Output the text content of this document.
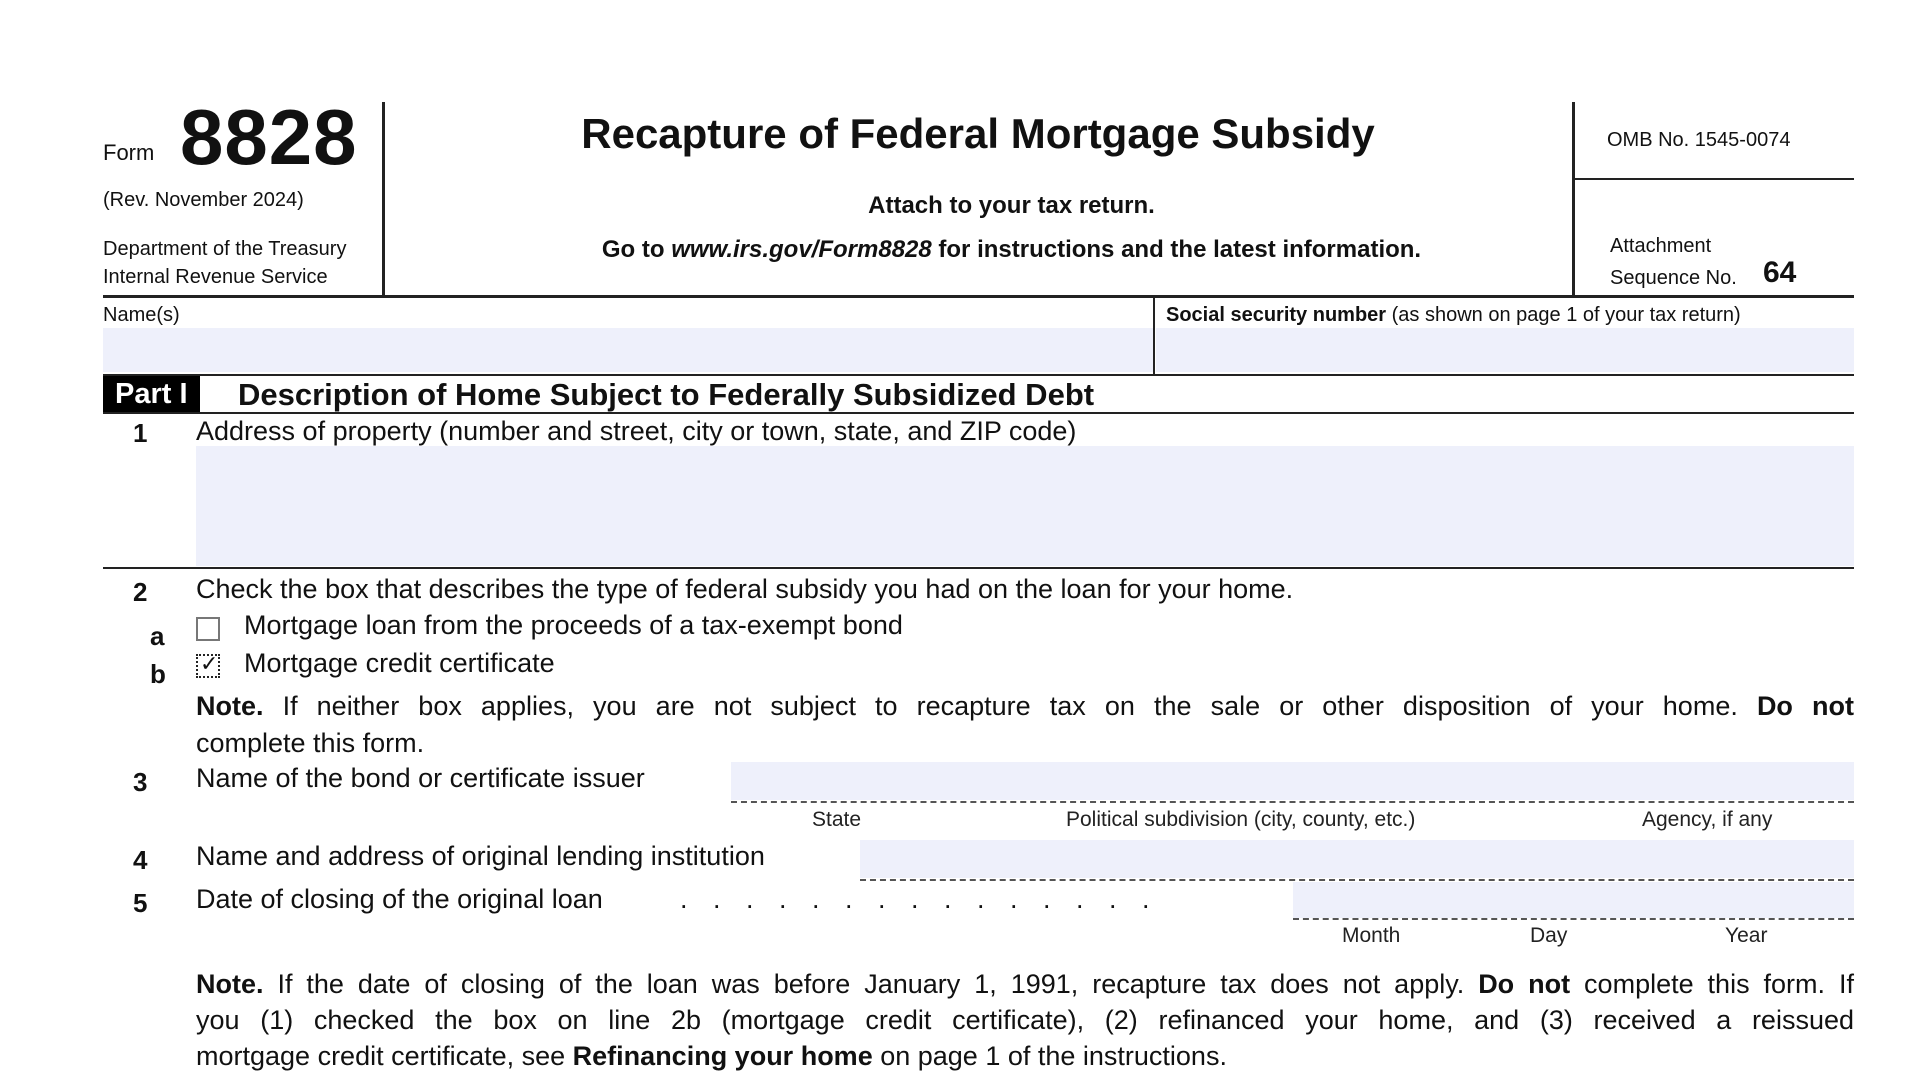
Form 8828
(Rev. November 2024)
Department of the Treasury
Internal Revenue Service
Recapture of Federal Mortgage Subsidy
Attach to your tax return.
Go to www.irs.gov/Form8828 for instructions and the latest information.
OMB No. 1545-0074
Attachment
Sequence No. 64
Name(s)	Social security number (as shown on page 1 of your tax return)
Part I	Description of Home Subject to Federally Subsidized Debt
1 Address of property (number and street, city or town, state, and ZIP code)
2 Check the box that describes the type of federal subsidy you had on the loan for your home.
a	Mortgage loan from the proceeds of a tax-exempt bond
b ✓ Mortgage credit certificate
Note. If neither box applies, you are not subject to recapture tax on the sale or other disposition of your home. Do not
complete this form.
3 Name of the bond or certificate issuer
State	Political subdivision (city, county, etc.)	Agency, if any
4 Name and address of original lending institution
5 Date of closing of the original loan	. . . . . . . . . . . . . . .
Month	Day	Year
Note. If the date of closing of the loan was before January 1, 1991, recapture tax does not apply. Do not complete this form. If
you (1) checked the box on line 2b (mortgage credit certificate), (2) refinanced your home, and (3) received a reissued
mortgage credit certificate, see Refinancing your home on page 1 of the instructions.
